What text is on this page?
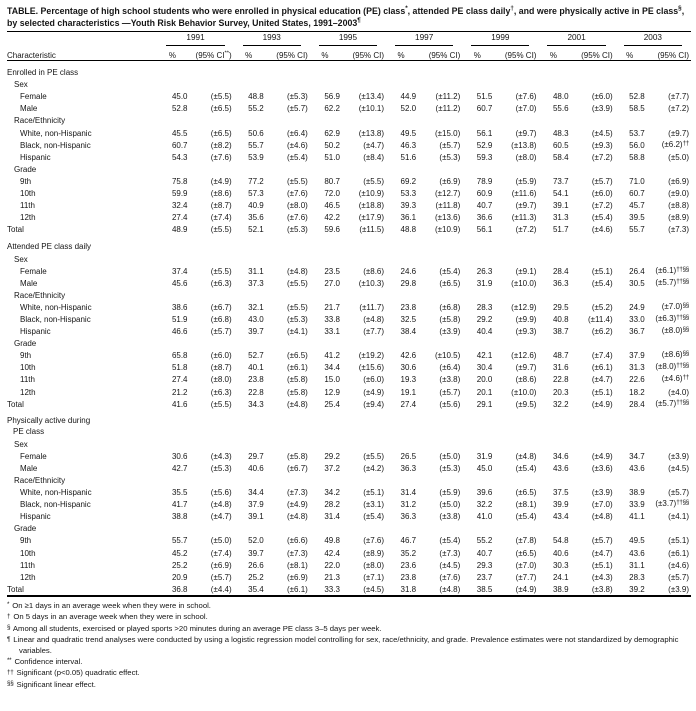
TABLE. Percentage of high school students who were enrolled in physical education (PE) class*, attended PE class daily†, and were physically active in PE class§, by selected characteristics —Youth Risk Behavior Survey, United States, 1991–2003¶

	1991		1993		1995		1997		1999		2001		2003	

Characteristic	%	(95% CI**)	%	(95% CI)	%	(95% CI)	%	(95% CI)	%	(95% CI)	%	(95% CI)	%	(95% CI)

Enrolled in PE class														

Sex														
Female	45.0	(±5.5)	48.8	(±5.3)	56.9	(±13.4)	44.9	(±11.2)	51.5	(±7.6)	48.0	(±6.0)	52.8	(±7.7)
Male	52.8	(±6.5)	55.2	(±5.7)	62.2	(±10.1)	52.0	(±11.2)	60.7	(±7.0)	55.6	(±3.9)	58.5	(±7.2)
Race/Ethnicity														
White, non-Hispanic	45.5	(±6.5)	50.6	(±6.4)	62.9	(±13.8)	49.5	(±15.0)	56.1	(±9.7)	48.3	(±4.5)	53.7	(±9.7)
Black, non-Hispanic	60.7	(±8.2)	55.7	(±4.6)	50.2	(±4.7)	46.3	(±5.7)	52.9	(±13.8)	60.5	(±9.3)	56.0	(±6.2)††
Hispanic	54.3	(±7.6)	53.9	(±5.4)	51.0	(±8.4)	51.6	(±5.3)	59.3	(±8.0)	58.4	(±7.2)	58.8	(±5.0)
Grade														
9th	75.8	(±4.9)	77.2	(±5.5)	80.7	(±5.5)	69.2	(±6.9)	78.9	(±5.9)	73.7	(±5.7)	71.0	(±6.9)
10th	59.9	(±8.6)	57.3	(±7.6)	72.0	(±10.9)	53.3	(±12.7)	60.9	(±11.6)	54.1	(±6.0)	60.7	(±9.0)
11th	32.4	(±8.7)	40.9	(±8.0)	46.5	(±18.8)	39.3	(±11.8)	40.7	(±9.7)	39.1	(±7.2)	45.7	(±8.8)
12th	27.4	(±7.4)	35.6	(±7.6)	42.2	(±17.9)	36.1	(±13.6)	36.6	(±11.3)	31.3	(±5.4)	39.5	(±8.9)
Total	48.9	(±5.5)	52.1	(±5.3)	59.6	(±11.5)	48.8	(±10.9)	56.1	(±7.2)	51.7	(±4.6)	55.7	(±7.3)

Attended PE class daily														

Sex														
Female	37.4	(±5.5)	31.1	(±4.8)	23.5	(±8.6)	24.6	(±5.4)	26.3	(±9.1)	28.4	(±5.1)	26.4	(±6.1)††§§
Male	45.6	(±6.3)	37.3	(±5.5)	27.0	(±10.3)	29.8	(±6.5)	31.9	(±10.0)	36.3	(±5.4)	30.5	(±5.7)††§§
Race/Ethnicity														
White, non-Hispanic	38.6	(±6.7)	32.1	(±5.5)	21.7	(±11.7)	23.8	(±6.8)	28.3	(±12.9)	29.5	(±5.2)	24.9	(±7.0)§§
Black, non-Hispanic	51.9	(±6.8)	43.0	(±5.3)	33.8	(±4.8)	32.5	(±5.8)	29.2	(±9.9)	40.8	(±11.4)	33.0	(±6.3)††§§
Hispanic	46.6	(±5.7)	39.7	(±4.1)	33.1	(±7.7)	38.4	(±3.9)	40.4	(±9.3)	38.7	(±6.2)	36.7	(±8.0)§§
Grade														
9th	65.8	(±6.0)	52.7	(±6.5)	41.2	(±19.2)	42.6	(±10.5)	42.1	(±12.6)	48.7	(±7.4)	37.9	(±8.6)§§
10th	51.8	(±8.7)	40.1	(±6.1)	34.4	(±15.6)	30.6	(±6.4)	30.4	(±9.7)	31.6	(±6.1)	31.3	(±8.0)††§§
11th	27.4	(±8.0)	23.8	(±5.8)	15.0	(±6.0)	19.3	(±3.8)	20.0	(±8.6)	22.8	(±4.7)	22.6	(±4.6)††
12th	21.2	(±6.3)	22.8	(±5.8)	12.9	(±4.9)	19.1	(±5.7)	20.1	(±10.0)	20.3	(±5.1)	18.2	(±4.0)
Total	41.6	(±5.5)	34.3	(±4.8)	25.4	(±9.4)	27.4	(±5.6)	29.1	(±9.5)	32.2	(±4.9)	28.4	(±5.7)††§§

Physically active during
PE class														

Sex														
Female	30.6	(±4.3)	29.7	(±5.8)	29.2	(±5.5)	26.5	(±5.0)	31.9	(±4.8)	34.6	(±4.9)	34.7	(±3.9)
Male	42.7	(±5.3)	40.6	(±6.7)	37.2	(±4.2)	36.3	(±5.3)	45.0	(±5.4)	43.6	(±3.6)	43.6	(±4.5)
Race/Ethnicity														
White, non-Hispanic	35.5	(±5.6)	34.4	(±7.3)	34.2	(±5.1)	31.4	(±5.9)	39.6	(±6.5)	37.5	(±3.9)	38.9	(±5.7)
Black, non-Hispanic	41.7	(±4.8)	37.9	(±4.9)	28.2	(±3.1)	31.2	(±5.0)	32.2	(±8.1)	39.9	(±7.0)	33.9	(±3.7)††§§
Hispanic	38.8	(±4.7)	39.1	(±4.8)	31.4	(±5.4)	36.3	(±3.8)	41.0	(±5.4)	43.4	(±4.8)	41.1	(±4.1)
Grade														
9th	55.7	(±5.0)	52.0	(±6.6)	49.8	(±7.6)	46.7	(±5.4)	55.2	(±7.8)	54.8	(±5.7)	49.5	(±5.1)
10th	45.2	(±7.4)	39.7	(±7.3)	42.4	(±8.9)	35.2	(±7.3)	40.7	(±6.5)	40.6	(±4.7)	43.6	(±6.1)
11th	25.2	(±6.9)	26.6	(±8.1)	22.0	(±8.0)	23.6	(±4.5)	29.3	(±7.0)	30.3	(±5.1)	31.1	(±4.6)
12th	20.9	(±5.7)	25.2	(±6.9)	21.3	(±7.1)	23.8	(±7.6)	23.7	(±7.7)	24.1	(±4.3)	28.3	(±5.7)
Total	36.8	(±4.4)	35.4	(±6.1)	33.3	(±4.5)	31.8	(±4.8)	38.5	(±4.9)	38.9	(±3.8)	39.2	(±3.9)
* On ≥1 days in an average week when they were in school.
† On 5 days in an average week when they were in school.
§ Among all students, exercised or played sports >20 minutes during an average PE class 3–5 days per week.
¶ Linear and quadratic trend analyses were conducted by using a logistic regression model controlling for sex, race/ethnicity, and grade. Prevalence estimates were not standardized by demographic variables.
** Confidence interval.
†† Significant (p<0.05) quadratic effect.
§§ Significant linear effect.
